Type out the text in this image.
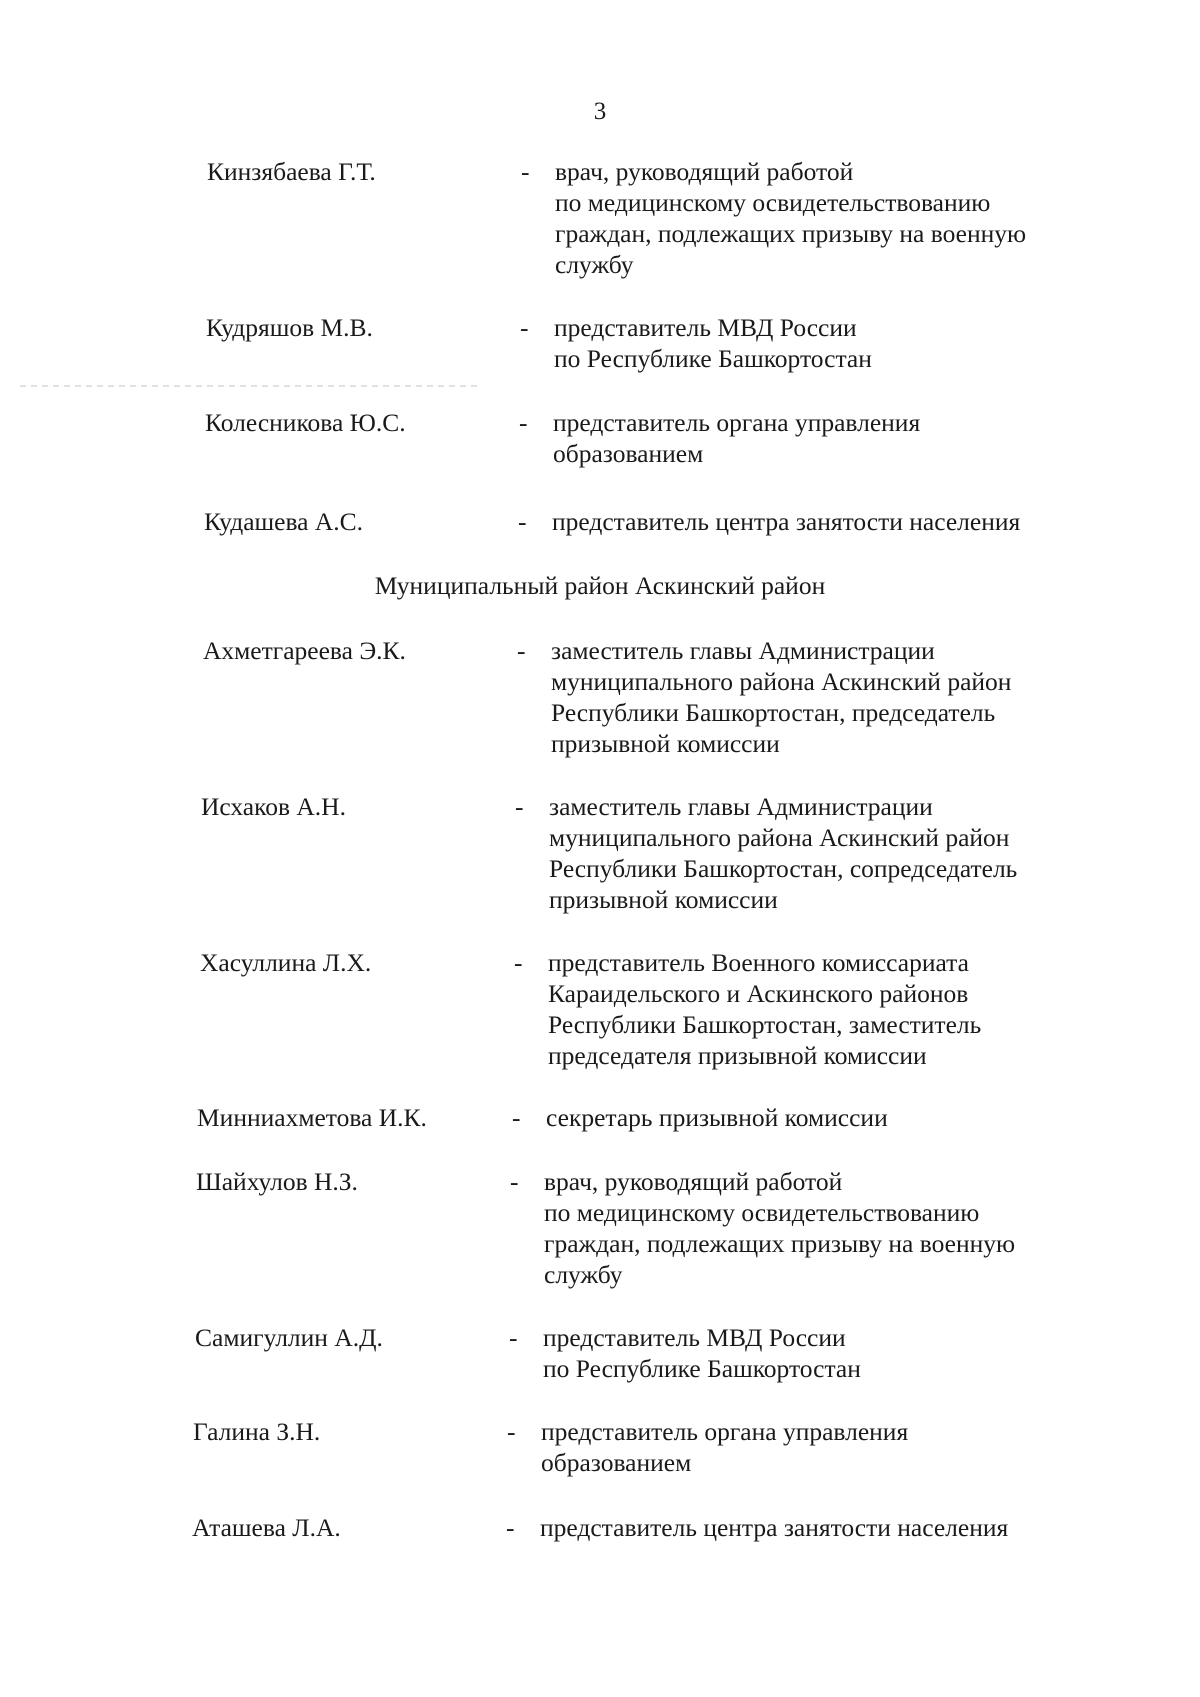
3
Кинзябаева Г.Т.	- врач, руководящий работой
по медицинскому освидетельствованию
граждан, подлежащих призыву на военную
службу
Кудряшов М.В.	- представитель МВД России
по Республике Башкортостан
Колесникова Ю.С.	- представитель органа управления
образованием
Кудашева А.С.	- представитель центра занятости населения
Муниципальный район Аскинский район
Ахметгареева Э.К.	- заместитель главы Администрации
муниципального района Аскинский район
Республики Башкортостан, председатель
призывной комиссии
Исхаков А.Н.	- заместитель главы Администрации
муниципального района Аскинский район
Республики Башкортостан, сопредседатель
призывной комиссии
Хасуллина Л.Х.	- представитель Военного комиссариата
Караидельского и Аскинского районов
Республики Башкортостан, заместитель
председателя призывной комиссии
Минниахметова И.К.	- секретарь призывной комиссии
Шайхулов Н.З.	- врач, руководящий работой
по медицинскому освидетельствованию
граждан, подлежащих призыву на военную
службу
Самигуллин А.Д.	- представитель МВД России
по Республике Башкортостан
Галина З.Н.	- представитель органа управления
образованием
Аташева Л.А.	- представитель центра занятости населения
